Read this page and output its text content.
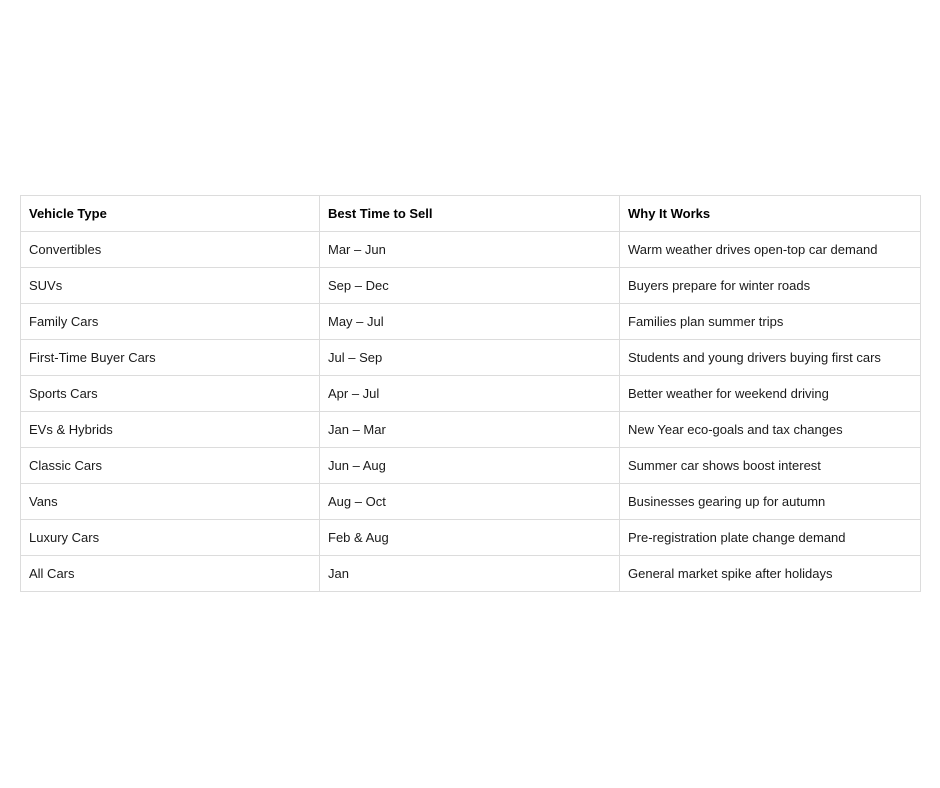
Vehicle Type	Best Time to Sell	Why It Works
Convertibles	Mar – Jun	Warm weather drives open-top car demand
SUVs	Sep – Dec	Buyers prepare for winter roads
Family Cars	May – Jul	Families plan summer trips
First-Time Buyer Cars	Jul – Sep	Students and young drivers buying first cars
Sports Cars	Apr – Jul	Better weather for weekend driving
EVs & Hybrids	Jan – Mar	New Year eco-goals and tax changes
Classic Cars	Jun – Aug	Summer car shows boost interest
Vans	Aug – Oct	Businesses gearing up for autumn
Luxury Cars	Feb & Aug	Pre-registration plate change demand
All Cars	Jan	General market spike after holidays
